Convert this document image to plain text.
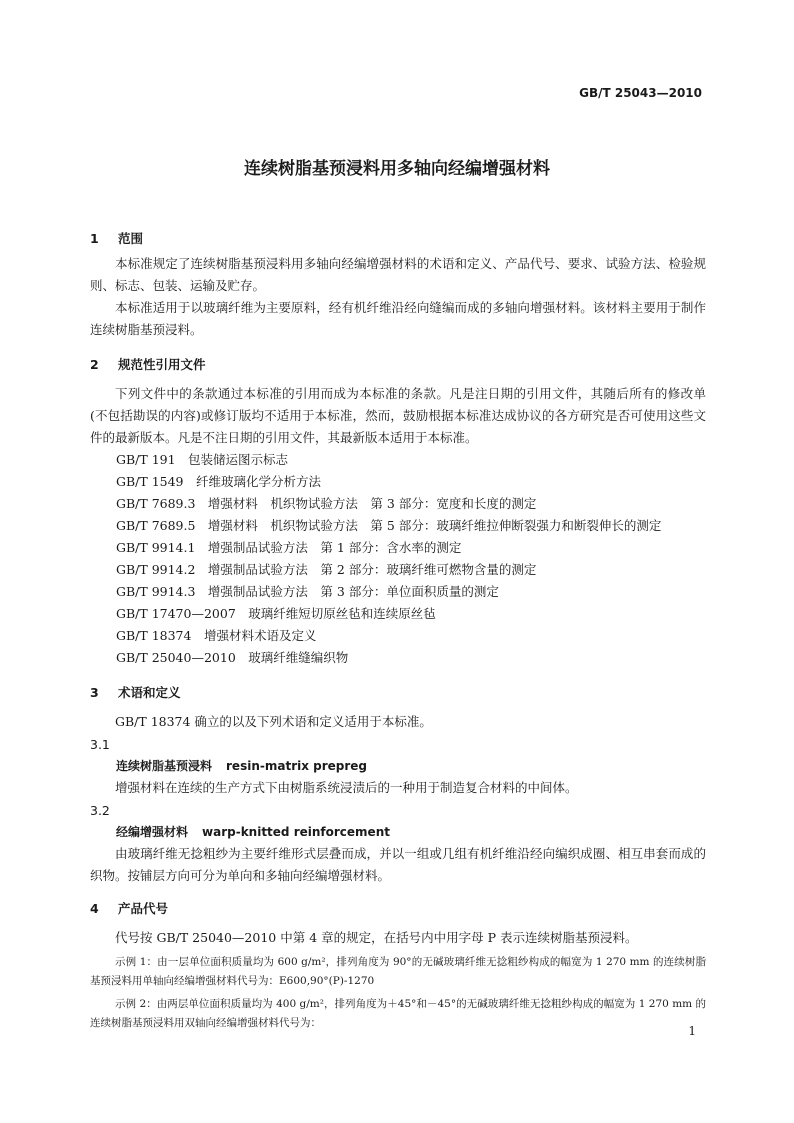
GB/T 25043—2010
连续树脂基预浸料用多轴向经编增强材料
1 范围

本标准规定了连续树脂基预浸料用多轴向经编增强材料的术语和定义、产品代号、要求、试验方法、检验规则、标志、包装、运输及贮存。

本标准适用于以玻璃纤维为主要原料，经有机纤维沿经向缝编而成的多轴向增强材料。该材料主要用于制作连续树脂基预浸料。

2 规范性引用文件

下列文件中的条款通过本标准的引用而成为本标准的条款。凡是注日期的引用文件，其随后所有的修改单(不包括勘误的内容)或修订版均不适用于本标准，然而，鼓励根据本标准达成协议的各方研究是否可使用这些文件的最新版本。凡是不注日期的引用文件，其最新版本适用于本标准。

GB/T 191　包装储运图示标志

GB/T 1549　纤维玻璃化学分析方法

GB/T 7689.3　增强材料　机织物试验方法　第 3 部分：宽度和长度的测定

GB/T 7689.5　增强材料　机织物试验方法　第 5 部分：玻璃纤维拉伸断裂强力和断裂伸长的测定

GB/T 9914.1　增强制品试验方法　第 1 部分：含水率的测定

GB/T 9914.2　增强制品试验方法　第 2 部分：玻璃纤维可燃物含量的测定

GB/T 9914.3　增强制品试验方法　第 3 部分：单位面积质量的测定

GB/T 17470—2007　玻璃纤维短切原丝毡和连续原丝毡

GB/T 18374　增强材料术语及定义

GB/T 25040—2010　玻璃纤维缝编织物

3 术语和定义

GB/T 18374 确立的以及下列术语和定义适用于本标准。

3.1
连续树脂基预浸料 resin-matrix prepreg

增强材料在连续的生产方式下由树脂系统浸渍后的一种用于制造复合材料的中间体。

3.2
经编增强材料 warp-knitted reinforcement

由玻璃纤维无捻粗纱为主要纤维形式层叠而成，并以一组或几组有机纤维沿经向编织成圈、相互串套而成的织物。按铺层方向可分为单向和多轴向经编增强材料。

4 产品代号

代号按 GB/T 25040—2010 中第 4 章的规定，在括号内中用字母 P 表示连续树脂基预浸料。

示例 1：由一层单位面积质量均为 600 g/m²，排列角度为 90°的无碱玻璃纤维无捻粗纱构成的幅宽为 1 270 mm 的连续树脂基预浸料用单轴向经编增强材料代号为：E600,90°(P)-1270

示例 2：由两层单位面积质量均为 400 g/m²，排列角度为＋45°和－45°的无碱玻璃纤维无捻粗纱构成的幅宽为 1 270 mm 的连续树脂基预浸料用双轴向经编增强材料代号为：

1
